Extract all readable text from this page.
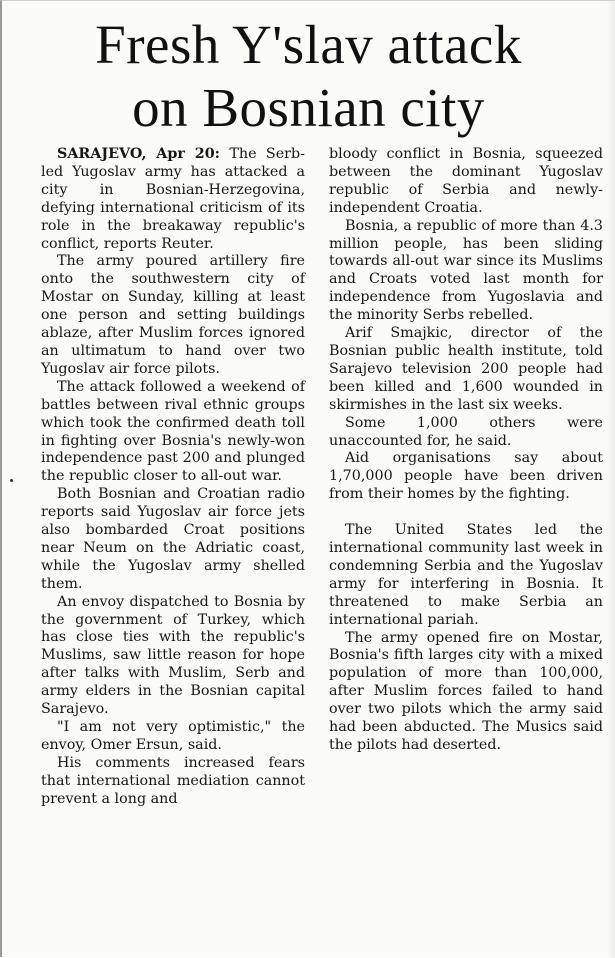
Fresh Y'slav attack
on Bosnian city

SARAJEVO, Apr 20: The Serb-led Yugoslav army has attacked a city in Bosnian-Herzegovina, defying international criticism of its role in the breakaway republic's conflict, reports Reuter.

The army poured artillery fire onto the southwestern city of Mostar on Sunday, killing at least one person and setting buildings ablaze, after Muslim forces ignored an ultimatum to hand over two Yugoslav air force pilots.

The attack followed a weekend of battles between rival ethnic groups which took the confirmed death toll in fighting over Bosnia's newly-won independence past 200 and plunged the republic closer to all-out war.

Both Bosnian and Croatian radio reports said Yugoslav air force jets also bombarded Croat positions near Neum on the Adriatic coast, while the Yugoslav army shelled them.

An envoy dispatched to Bosnia by the government of Turkey, which has close ties with the republic's Muslims, saw little reason for hope after talks with Muslim, Serb and army elders in the Bosnian capital Sarajevo.

"I am not very optimistic," the envoy, Omer Ersun, said.

His comments increased fears that international mediation cannot prevent a long and

bloody conflict in Bosnia, squeezed between the dominant Yugoslav republic of Serbia and newly- independent Croatia.

Bosnia, a republic of more than 4.3 million people, has been sliding towards all-out war since its Muslims and Croats voted last month for independence from Yugoslavia and the minority Serbs rebelled.

Arif Smajkic, director of the Bosnian public health institute, told Sarajevo television 200 people had been killed and 1,600 wounded in skirmishes in the last six weeks.

Some 1,000 others were unaccounted for, he said.

Aid organisations say about 1,70,000 people have been driven from their homes by the fighting.

The United States led the international community last week in condemning Serbia and the Yugoslav army for interfering in Bosnia. It threatened to make Serbia an international pariah.

The army opened fire on Mostar, Bosnia's fifth larges city with a mixed population of more than 100,000, after Muslim forces failed to hand over two pilots which the army said had been abducted. The Musics said the pilots had deserted.
